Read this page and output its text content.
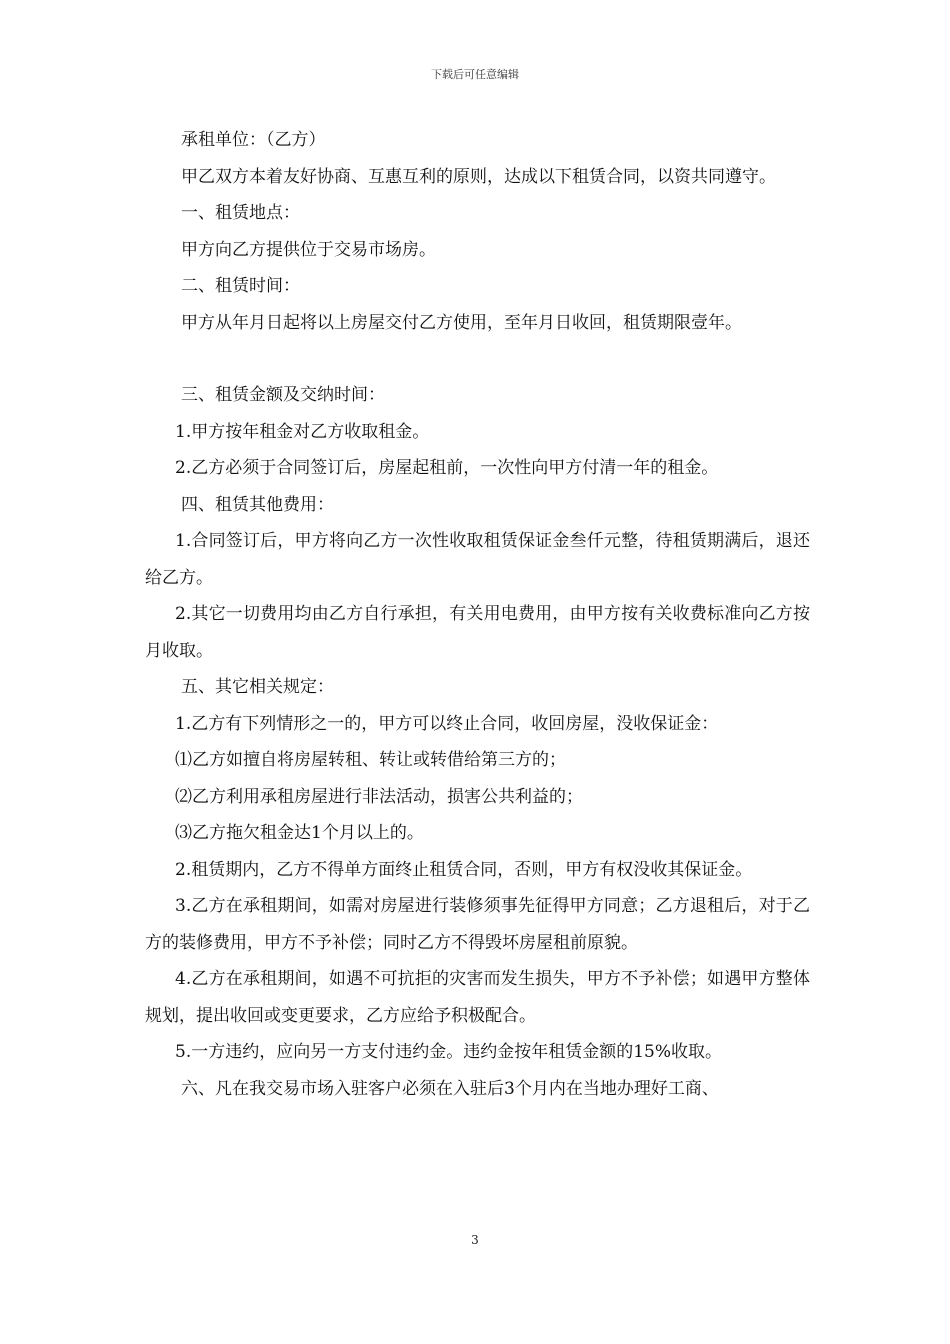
下载后可任意编辑

承租单位：（乙方）

甲乙双方本着友好协商、互惠互利的原则，达成以下租赁合同，以资共同遵守。

一、租赁地点：

甲方向乙方提供位于交易市场房。

二、租赁时间：

甲方从年月日起将以上房屋交付乙方使用，至年月日收回，租赁期限壹年。

三、租赁金额及交纳时间：

1.甲方按年租金对乙方收取租金。

2.乙方必须于合同签订后，房屋起租前，一次性向甲方付清一年的租金。

四、租赁其他费用：

1.合同签订后，甲方将向乙方一次性收取租赁保证金叁仟元整，待租赁期满后，退还给乙方。

2.其它一切费用均由乙方自行承担，有关用电费用，由甲方按有关收费标准向乙方按月收取。

五、其它相关规定：

1.乙方有下列情形之一的，甲方可以终止合同，收回房屋，没收保证金：

⑴乙方如擅自将房屋转租、转让或转借给第三方的；

⑵乙方利用承租房屋进行非法活动，损害公共利益的；

⑶乙方拖欠租金达1个月以上的。

2.租赁期内，乙方不得单方面终止租赁合同，否则，甲方有权没收其保证金。

3.乙方在承租期间，如需对房屋进行装修须事先征得甲方同意；乙方退租后，对于乙方的装修费用，甲方不予补偿；同时乙方不得毁坏房屋租前原貌。

4.乙方在承租期间，如遇不可抗拒的灾害而发生损失，甲方不予补偿；如遇甲方整体规划，提出收回或变更要求，乙方应给予积极配合。

5.一方违约，应向另一方支付违约金。违约金按年租赁金额的15%收取。

六、凡在我交易市场入驻客户必须在入驻后3个月内在当地办理好工商、

3
